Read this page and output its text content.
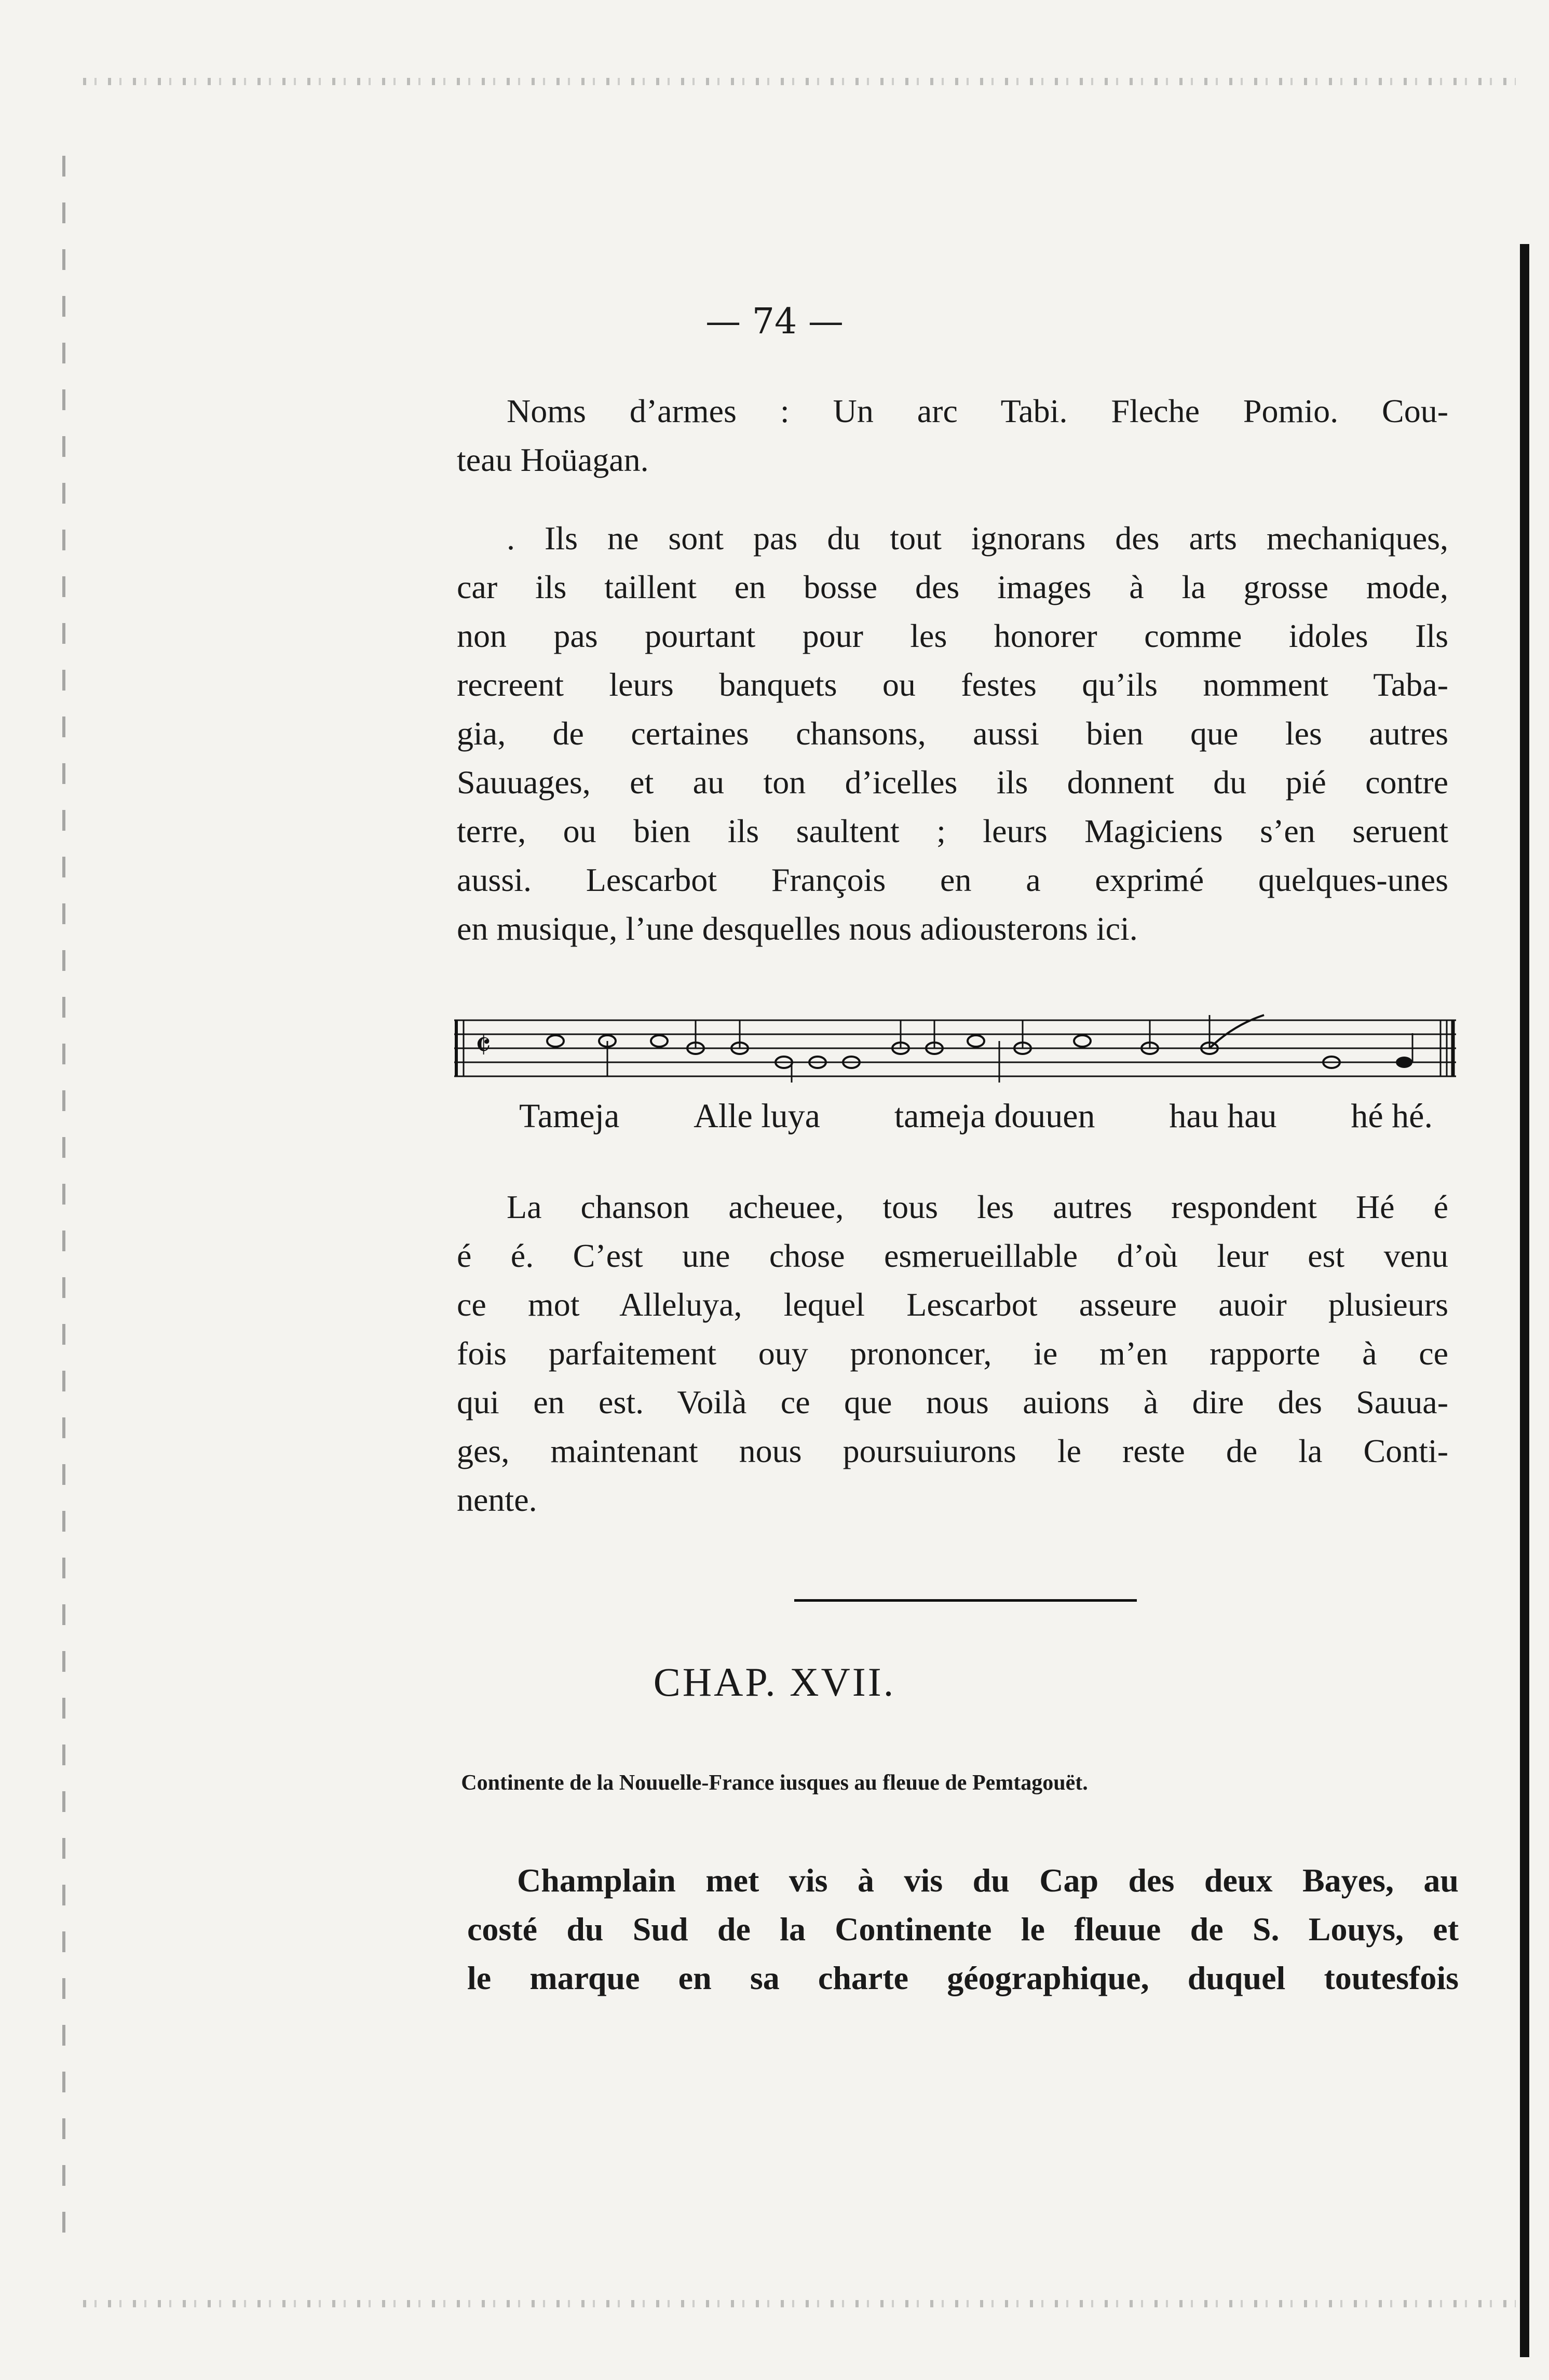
— 74 —
Noms d’armes : Un arc Tabi. Fleche Pomio. Cou-
teau Hoüagan.
. Ils ne sont pas du tout ignorans des arts mechaniques,
car ils taillent en bosse des images à la grosse mode,
non pas pourtant pour les honorer comme idoles Ils
recreent leurs banquets ou festes qu’ils nomment Taba-
gia, de certaines chansons, aussi bien que les autres
Sauuages, et au ton d’icelles ils donnent du pié contre
terre, ou bien ils saultent ; leurs Magiciens s’en seruent
aussi. Lescarbot François en a exprimé quelques-unes
en musique, l’une desquelles nous adiousterons ici.
𝄵
Tameja Alle luya tameja douuen hau hau hé hé.
La chanson acheuee, tous les autres respondent Hé é
é é. C’est une chose esmerueillable d’où leur est venu
ce mot Alleluya, lequel Lescarbot asseure auoir plusieurs
fois parfaitement ouy prononcer, ie m’en rapporte à ce
qui en est. Voilà ce que nous auions à dire des Sauua-
ges, maintenant nous poursuiurons le reste de la Conti-
nente.
CHAP. XVII.
Continente de la Nouuelle-France iusques au fleuue de Pemtagouët.
Champlain met vis à vis du Cap des deux Bayes, au
costé du Sud de la Continente le fleuue de S. Louys, et
le marque en sa charte géographique, duquel toutesfois
